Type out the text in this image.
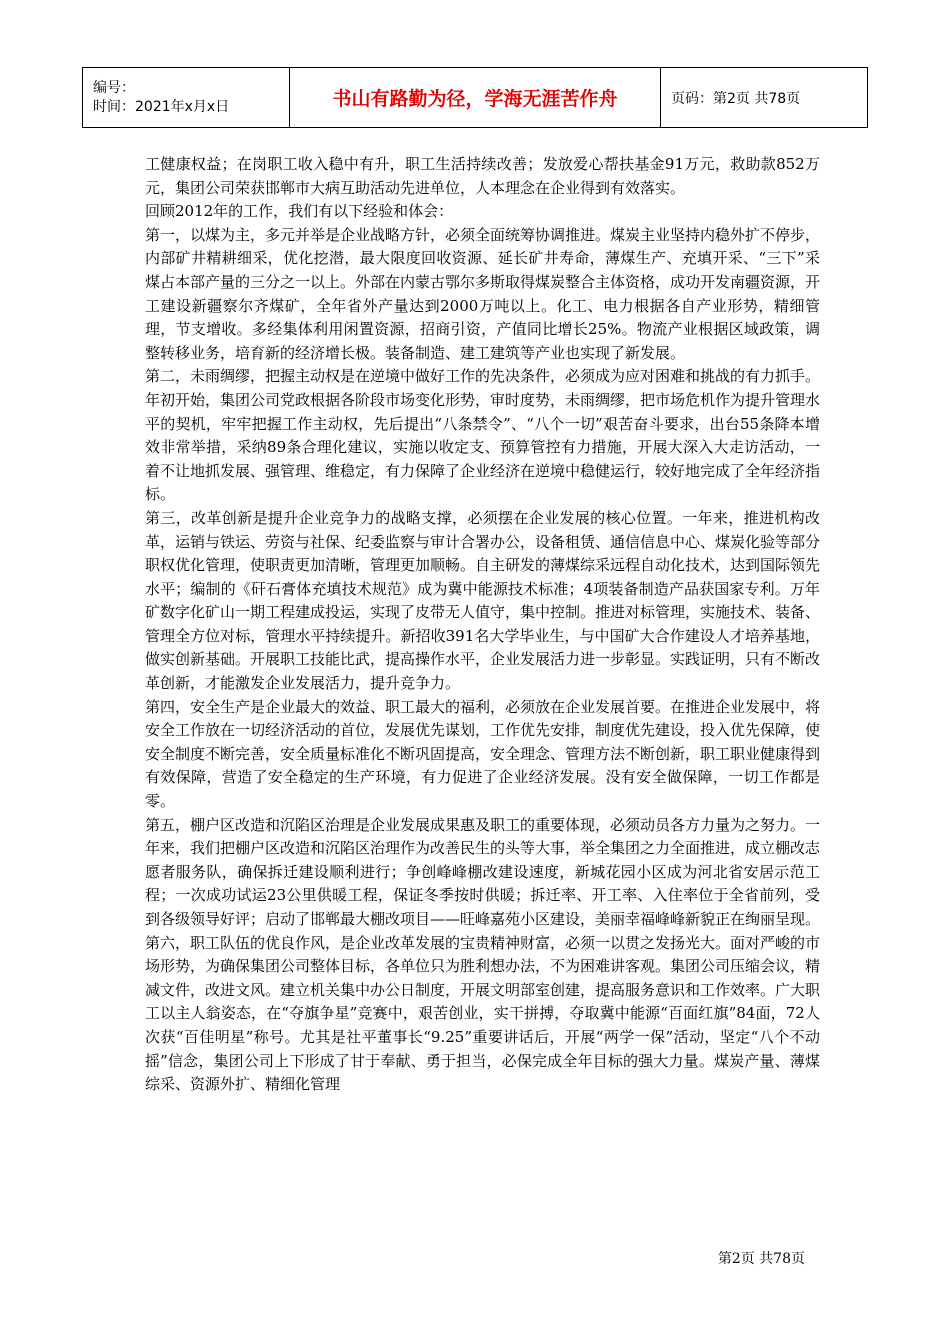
编号：
时间：2021年x月x日	书山有路勤为径，学海无涯苦作舟	页码：第2页 共78页

工健康权益；在岗职工收入稳中有升，职工生活持续改善；发放爱心帮扶基金91万元，救助款852万元，集团公司荣获邯郸市大病互助活动先进单位，人本理念在企业得到有效落实。

回顾2012年的工作，我们有以下经验和体会：

第一，以煤为主，多元并举是企业战略方针，必须全面统筹协调推进。煤炭主业坚持内稳外扩不停步，内部矿井精耕细采，优化挖潜，最大限度回收资源、延长矿井寿命，薄煤生产、充填开采、“三下”采煤占本部产量的三分之一以上。外部在内蒙古鄂尔多斯取得煤炭整合主体资格，成功开发南疆资源，开工建设新疆察尔齐煤矿，全年省外产量达到2000万吨以上。化工、电力根据各自产业形势，精细管理，节支增收。多经集体利用闲置资源，招商引资，产值同比增长25%。物流产业根据区域政策，调整转移业务，培育新的经济增长极。装备制造、建工建筑等产业也实现了新发展。

第二，未雨绸缪，把握主动权是在逆境中做好工作的先决条件，必须成为应对困难和挑战的有力抓手。年初开始，集团公司党政根据各阶段市场变化形势，审时度势，未雨绸缪，把市场危机作为提升管理水平的契机，牢牢把握工作主动权，先后提出“八条禁令”、“八个一切”艰苦奋斗要求，出台55条降本增效非常举措，采纳89条合理化建议，实施以收定支、预算管控有力措施，开展大深入大走访活动，一着不让地抓发展、强管理、维稳定，有力保障了企业经济在逆境中稳健运行，较好地完成了全年经济指标。

第三，改革创新是提升企业竞争力的战略支撑，必须摆在企业发展的核心位置。一年来，推进机构改革，运销与铁运、劳资与社保、纪委监察与审计合署办公，设备租赁、通信信息中心、煤炭化验等部分职权优化管理，使职责更加清晰，管理更加顺畅。自主研发的薄煤综采远程自动化技术，达到国际领先水平；编制的《矸石膏体充填技术规范》成为冀中能源技术标准；4项装备制造产品获国家专利。万年矿数字化矿山一期工程建成投运，实现了皮带无人值守，集中控制。推进对标管理，实施技术、装备、管理全方位对标，管理水平持续提升。新招收391名大学毕业生，与中国矿大合作建设人才培养基地，做实创新基础。开展职工技能比武，提高操作水平，企业发展活力进一步彰显。实践证明，只有不断改革创新，才能激发企业发展活力，提升竞争力。

第四，安全生产是企业最大的效益、职工最大的福利，必须放在企业发展首要。在推进企业发展中，将安全工作放在一切经济活动的首位，发展优先谋划，工作优先安排，制度优先建设，投入优先保障，使安全制度不断完善，安全质量标准化不断巩固提高，安全理念、管理方法不断创新，职工职业健康得到有效保障，营造了安全稳定的生产环境，有力促进了企业经济发展。没有安全做保障，一切工作都是零。

第五，棚户区改造和沉陷区治理是企业发展成果惠及职工的重要体现，必须动员各方力量为之努力。一年来，我们把棚户区改造和沉陷区治理作为改善民生的头等大事，举全集团之力全面推进，成立棚改志愿者服务队，确保拆迁建设顺利进行；争创峰峰棚改建设速度，新城花园小区成为河北省安居示范工程；一次成功试运23公里供暖工程，保证冬季按时供暖；拆迁率、开工率、入住率位于全省前列，受到各级领导好评；启动了邯郸最大棚改项目——旺峰嘉苑小区建设，美丽幸福峰峰新貌正在绚丽呈现。

第六，职工队伍的优良作风，是企业改革发展的宝贵精神财富，必须一以贯之发扬光大。面对严峻的市场形势，为确保集团公司整体目标，各单位只为胜利想办法，不为困难讲客观。集团公司压缩会议，精减文件，改进文风。建立机关集中办公日制度，开展文明部室创建，提高服务意识和工作效率。广大职工以主人翁姿态，在“夺旗争星”竞赛中，艰苦创业，实干拼搏，夺取冀中能源“百面红旗”84面，72人次获“百佳明星”称号。尤其是社平董事长“9.25”重要讲话后，开展“两学一保”活动，坚定“八个不动摇”信念，集团公司上下形成了甘于奉献、勇于担当，必保完成全年目标的强大力量。煤炭产量、薄煤综采、资源外扩、精细化管理

第2页 共78页
